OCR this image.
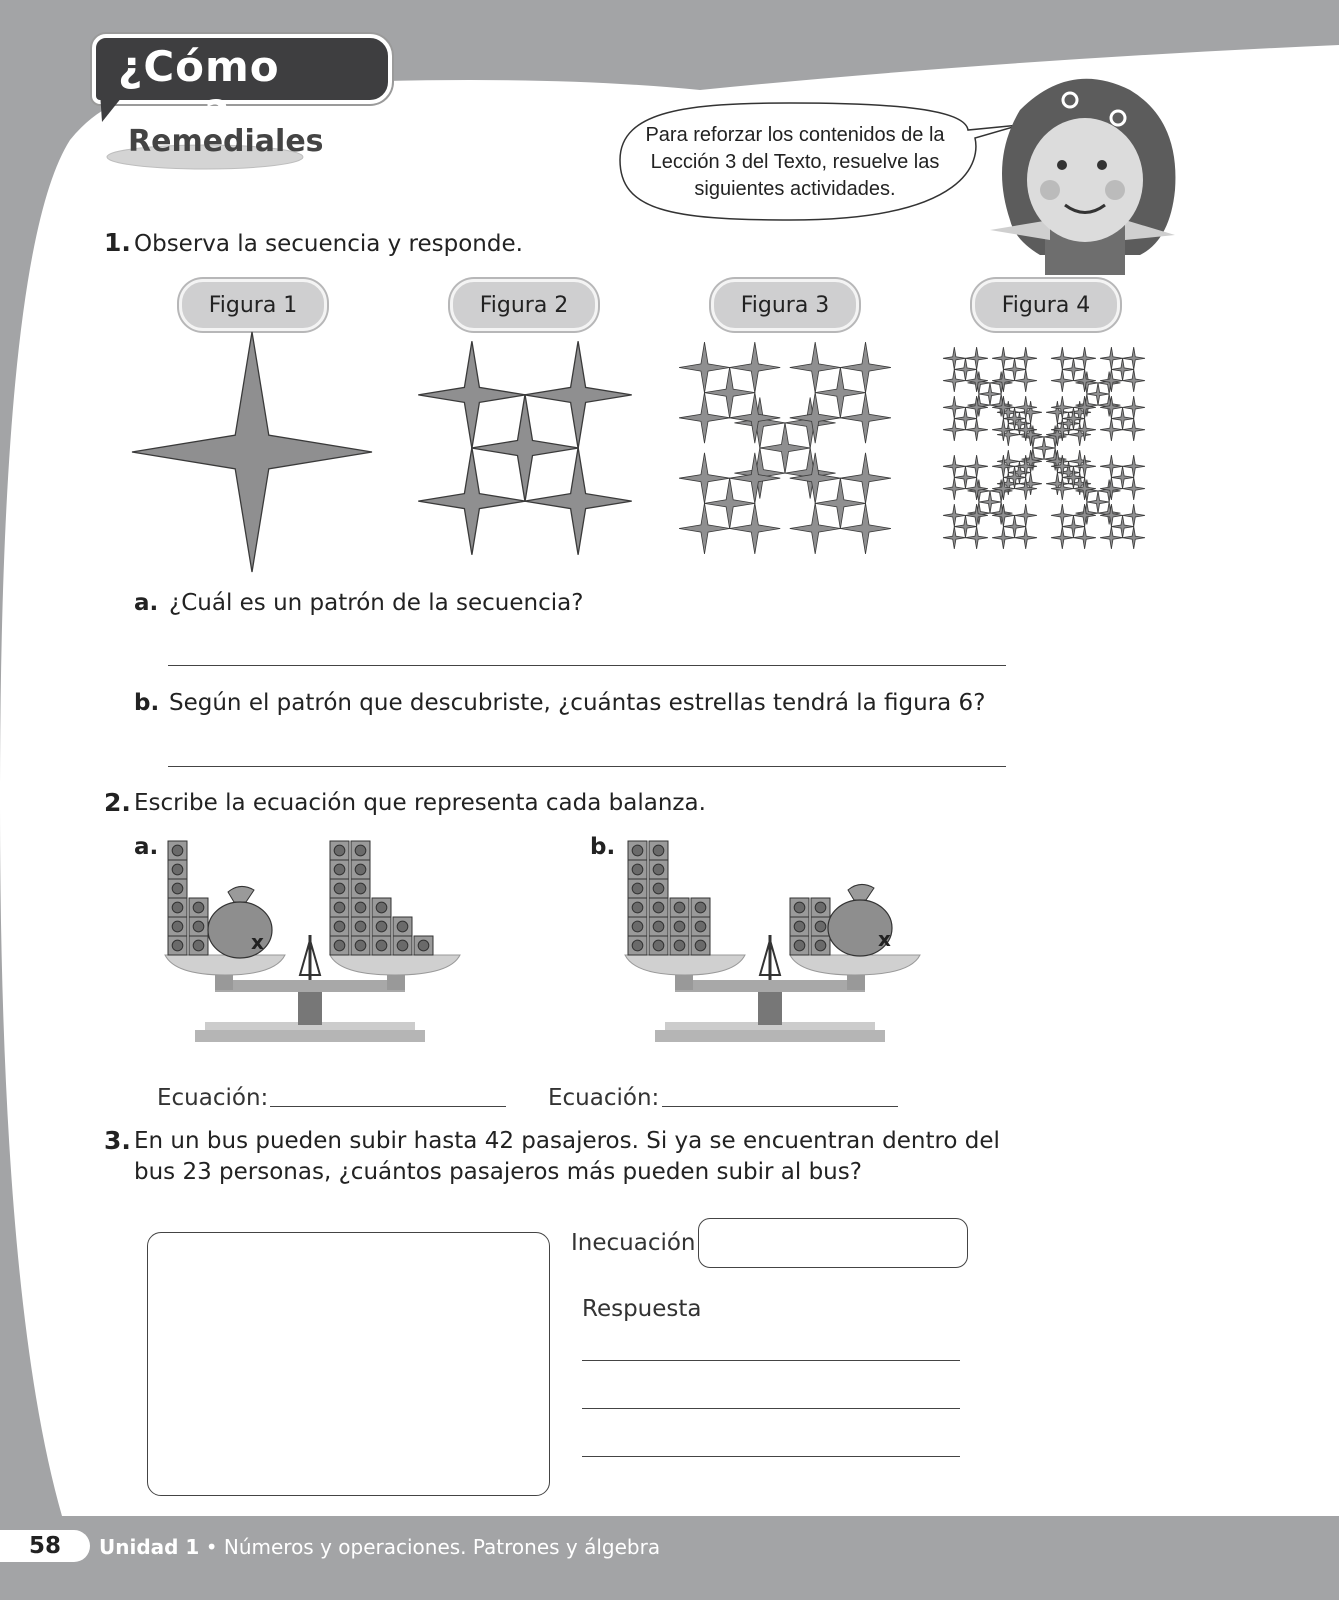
¿Cómo voy?
Remediales	Para reforzar los contenidos de la Lección 3 del Texto, resuelve las siguientes actividades.
1. Observa la secuencia y responde.
Figura 1	Figura 2	Figura 3	Figura 4
a. ¿Cuál es un patrón de la secuencia?
b. Según el patrón que descubriste, ¿cuántas estrellas tendrá la figura 6?
2. Escribe la ecuación que representa cada balanza.
a.	b.
x	x
Ecuación:	Ecuación:
3. En un bus pueden subir hasta 42 pasajeros. Si ya se encuentran dentro del
bus 23 personas, ¿cuántos pasajeros más pueden subir al bus?
Inecuación
Respuesta
58	Unidad 1 • Números y operaciones. Patrones y álgebra
